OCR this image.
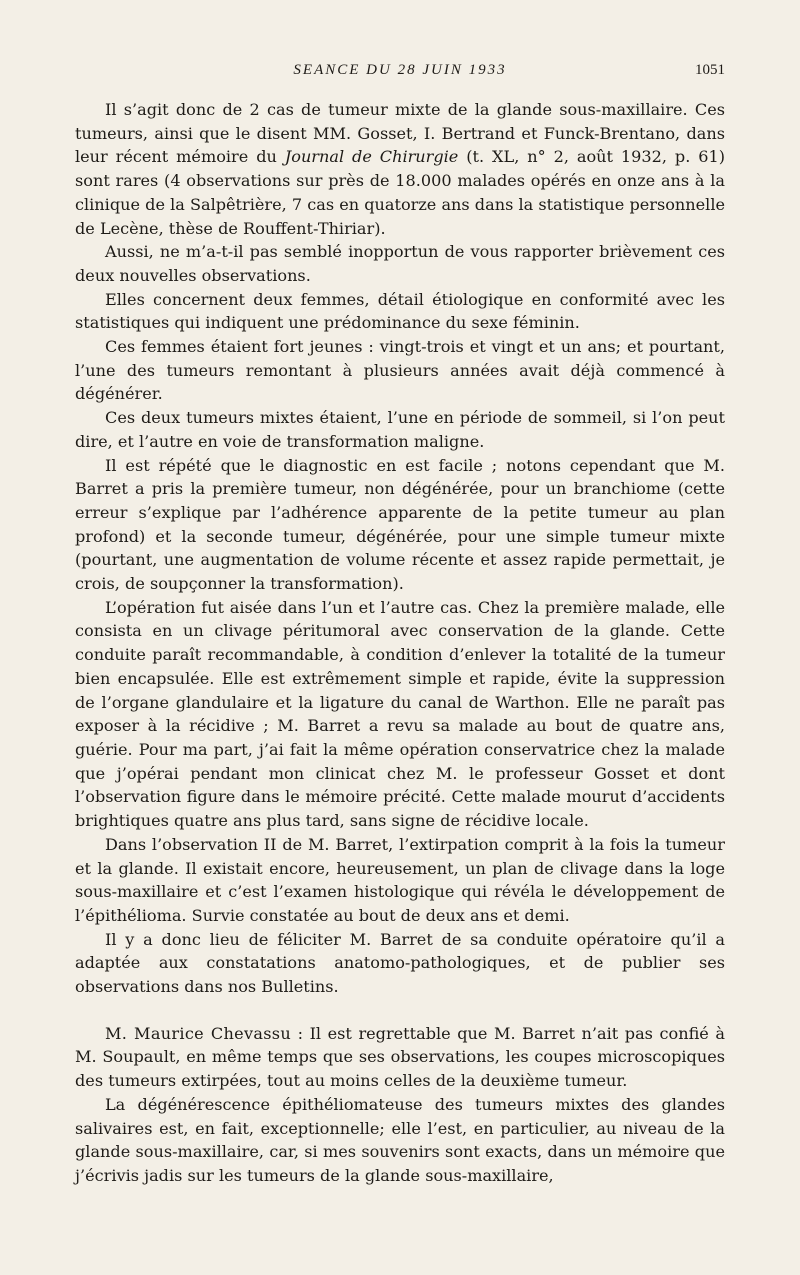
SEANCE DU 28 JUIN 1933	1051

Il s’agit donc de 2 cas de tumeur mixte de la glande sous-maxillaire. Ces tumeurs, ainsi que le disent MM. Gosset, I. Bertrand et Funck-Brentano, dans leur récent mémoire du Journal de Chirurgie (t. XL, n° 2, août 1932, p. 61) sont rares (4 observations sur près de 18.000 malades opérés en onze ans à la clinique de la Salpêtrière, 7 cas en quatorze ans dans la statistique personnelle de Lecène, thèse de Rouffent-Thiriar).

Aussi, ne m’a-t-il pas semblé inopportun de vous rapporter brièvement ces deux nouvelles observations.

Elles concernent deux femmes, détail étiologique en conformité avec les statistiques qui indiquent une prédominance du sexe féminin.

Ces femmes étaient fort jeunes : vingt-trois et vingt et un ans; et pourtant, l’une des tumeurs remontant à plusieurs années avait déjà commencé à dégénérer.

Ces deux tumeurs mixtes étaient, l’une en période de sommeil, si l’on peut dire, et l’autre en voie de transformation maligne.

Il est répété que le diagnostic en est facile ; notons cependant que M. Barret a pris la première tumeur, non dégénérée, pour un branchiome (cette erreur s’explique par l’adhérence apparente de la petite tumeur au plan profond) et la seconde tumeur, dégénérée, pour une simple tumeur mixte (pourtant, une augmentation de volume récente et assez rapide permettait, je crois, de soupçonner la transformation).

L’opération fut aisée dans l’un et l’autre cas. Chez la première malade, elle consista en un clivage péritumoral avec conservation de la glande. Cette conduite paraît recommandable, à condition d’enlever la totalité de la tumeur bien encapsulée. Elle est extrêmement simple et rapide, évite la suppression de l’organe glandulaire et la ligature du canal de Warthon. Elle ne paraît pas exposer à la récidive ; M. Barret a revu sa malade au bout de quatre ans, guérie. Pour ma part, j’ai fait la même opération conservatrice chez la malade que j’opérai pendant mon clinicat chez M. le professeur Gosset et dont l’observation figure dans le mémoire précité. Cette malade mourut d’accidents brightiques quatre ans plus tard, sans signe de récidive locale.

Dans l’observation II de M. Barret, l’extirpation comprit à la fois la tumeur et la glande. Il existait encore, heureusement, un plan de clivage dans la loge sous-maxillaire et c’est l’examen histologique qui révéla le développement de l’épithélioma. Survie constatée au bout de deux ans et demi.

Il y a donc lieu de féliciter M. Barret de sa conduite opératoire qu’il a adaptée aux constatations anatomo-pathologiques, et de publier ses observations dans nos Bulletins.

M. Maurice Chevassu : Il est regrettable que M. Barret n’ait pas confié à M. Soupault, en même temps que ses observations, les coupes microscopiques des tumeurs extirpées, tout au moins celles de la deuxième tumeur.

La dégénérescence épithéliomateuse des tumeurs mixtes des glandes salivaires est, en fait, exceptionnelle; elle l’est, en particulier, au niveau de la glande sous-maxillaire, car, si mes souvenirs sont exacts, dans un mémoire que j’écrivis jadis sur les tumeurs de la glande sous-maxillaire,
